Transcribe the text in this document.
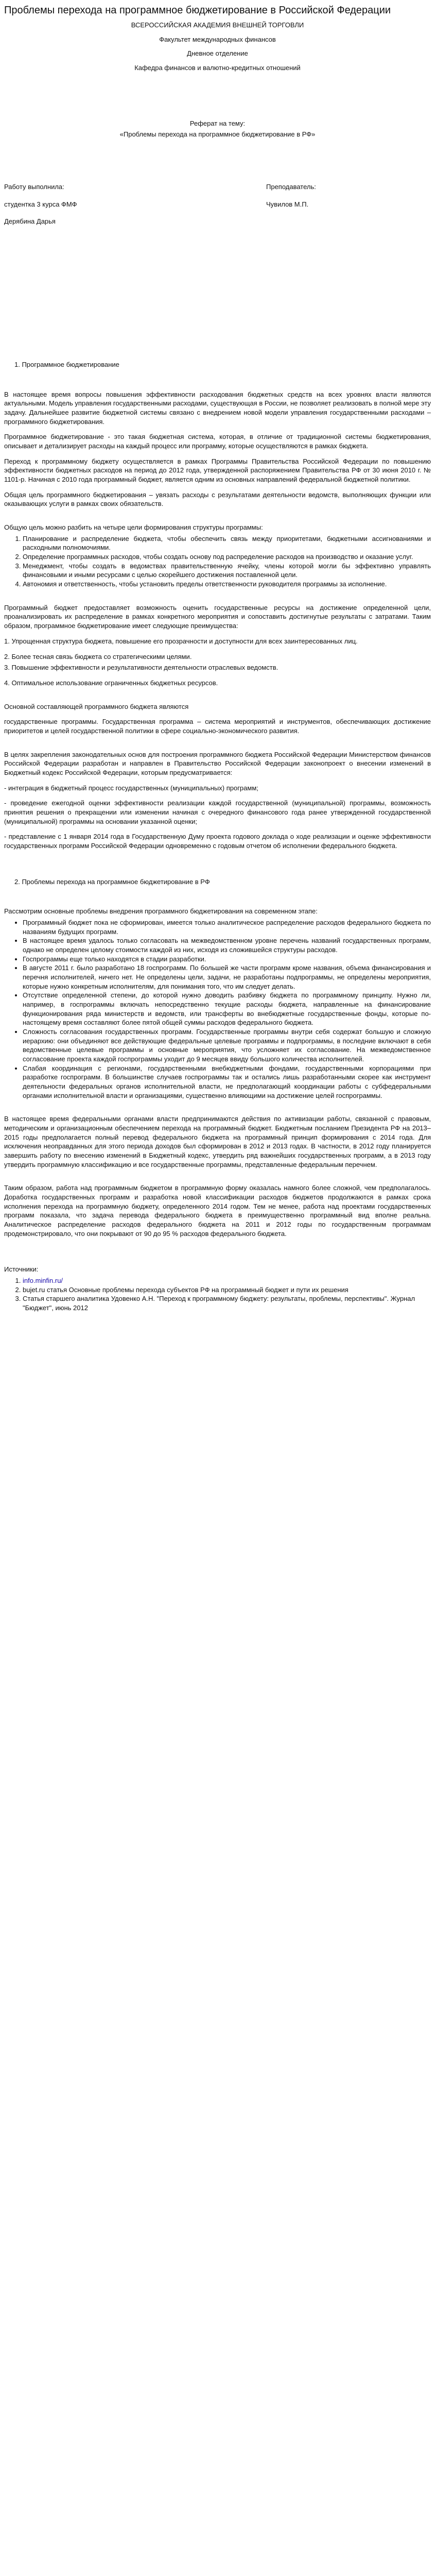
Проблемы перехода на программное бюджетирование в Российской Федерации

ВСЕРОССИЙСКАЯ АКАДЕМИЯ ВНЕШНЕЙ ТОРГОВЛИ

Факультет международных финансов

Дневное отделение

Кафедра финансов и валютно-кредитных отношений

Реферат на тему:

«Проблемы перехода на программное бюджетирование в РФ»

Работу выполнила:	Преподаватель:
студентка 3 курса ФМФ	Чувилов М.П.

Дерябина Дарья

1. Программное бюджетирование

В настоящее время вопросы повышения эффективности расходования бюджетных средств на всех уровнях власти являются актуальными. Модель управления государственными расходами, существующая в России, не позволяет реализовать в полной мере эту задачу. Дальнейшее развитие бюджетной системы связано с внедрением новой модели управления государственными расходами – программного бюджетирования.

Программное бюджетирование - это такая бюджетная система, которая, в отличие от традиционной системы бюджетирования, описывает и детализирует расходы на каждый процесс или программу, которые осуществляются в рамках бюджета.

Переход к программному бюджету осуществляется в рамках Программы Правительства Российской Федерации по повышению эффективности бюджетных расходов на период до 2012 года, утвержденной распоряжением Правительства РФ от 30 июня 2010 г. № 1101-р. Начиная с 2010 года программный бюджет, является одним из основных направлений федеральной бюджетной политики.

Общая цель программного бюджетирования – увязать расходы с результатами деятельности ведомств, выполняющих функции или оказывающих услуги в рамках своих обязательств.

Общую цель можно разбить на четыре цели формирования структуры программы:

1. Планирование и распределение бюджета, чтобы обеспечить связь между приоритетами, бюджетными ассигнованиями и расходными полномочиями.
2. Определение программных расходов, чтобы создать основу под распределение расходов на производство и оказание услуг.
3. Менеджмент, чтобы создать в ведомствах правительственную ячейку, члены которой могли бы эффективно управлять финансовыми и иными ресурсами с целью скорейшего достижения поставленной цели.
4. Автономия и ответственность, чтобы установить пределы ответственности руководителя программы за исполнение.

Программный бюджет предоставляет возможность оценить государственные ресурсы на достижение определенной цели, проанализировать их распределение в рамках конкретного мероприятия и сопоставить достигнутые результаты с затратами. Таким образом, программное бюджетирование имеет следующие преимущества:

1. Упрощенная структура бюджета, повышение его прозрачности и доступности для всех заинтересованных лиц.

2. Более тесная связь бюджета со стратегическими целями.

3. Повышение эффективности и результативности деятельности отраслевых ведомств.

4. Оптимальное использование ограниченных бюджетных ресурсов.

Основной составляющей программного бюджета являются

государственные программы. Государственная программа – система мероприятий и инструментов, обеспечивающих достижение приоритетов и целей государственной политики в сфере социально-экономического развития.

В целях закрепления законодательных основ для построения программного бюджета Российской Федерации Министерством финансов Российской Федерации разработан и направлен в Правительство Российской Федерации законопроект о внесении изменений в Бюджетный кодекс Российской Федерации, которым предусматривается:

- интеграция в бюджетный процесс государственных (муниципальных) программ;

- проведение ежегодной оценки эффективности реализации каждой государственной (муниципальной) программы, возможность принятия решения о прекращении или изменении начиная с очередного финансового года ранее утвержденной государственной (муниципальной) программы на основании указанной оценки;

- представление с 1 января 2014 года в Государственную Думу проекта годового доклада о ходе реализации и оценке эффективности государственных программ Российской Федерации одновременно с годовым отчетом об исполнении федерального бюджета.

2. Проблемы перехода на программное бюджетирование в РФ

Рассмотрим основные проблемы внедрения программного бюджетирования на современном этапе:

• Программный бюджет пока не сформирован, имеется только аналитическое распределение расходов федерального бюджета по названиям будущих программ.
• В настоящее время удалось только согласовать на межведомственном уровне перечень названий государственных программ, однако не определен целому стоимости каждой из них, исходя из сложившейся структуры расходов.
• Госпрограммы еще только находятся в стадии разработки.
• В августе 2011 г. было разработано 18 госпрограмм. По большей же части программ кроме названия, объема финансирования и перечня исполнителей, ничего нет. Не определены цели, задачи, не разработаны подпрограммы, не определены мероприятия, которые нужно конкретным исполнителям, для понимания того, что им следует делать.
• Отсутствие определенной степени, до которой нужно доводить разбивку бюджета по программному принципу. Нужно ли, например, в госпрограммы включать непосредственно текущие расходы бюджета, направленные на финансирование функционирования ряда министерств и ведомств, или трансферты во внебюджетные государственные фонды, которые по-настоящему время составляют более пятой общей суммы расходов федерального бюджета.
• Сложность согласования государственных программ. Государственные программы внутри себя содержат большую и сложную иерархию: они объединяют все действующие федеральные целевые программы и подпрограммы, в последние включают в себя ведомственные целевые программы и основные мероприятия, что усложняет их согласование. На межведомственное согласование проекта каждой госпрограммы уходит до 9 месяцев ввиду большого количества исполнителей.
• Слабая координация с регионами, государственными внебюджетными фондами, государственными корпорациями при разработке госпрограмм. В большинстве случаев госпрограммы так и остались лишь разработанными скорее как инструмент деятельности федеральных органов исполнительной власти, не предполагающий координации работы с субфедеральными органами исполнительной власти и организациями, существенно влияющими на достижение целей госпрограммы.

В настоящее время федеральными органами власти предпринимаются действия по активизации работы, связанной с правовым, методическим и организационным обеспечением перехода на программный бюджет. Бюджетным посланием Президента РФ на 2013–2015 годы предполагается полный перевод федерального бюджета на программный принцип формирования с 2014 года. Для исключения неоправданных для этого периода доходов был сформирован в 2012 и 2013 годах. В частности, в 2012 году планируется завершить работу по внесению изменений в Бюджетный кодекс, утвердить ряд важнейших государственных программ, а в 2013 году утвердить программную классификацию и все государственные программы, представленные федеральным перечнем.

Таким образом, работа над программным бюджетом в программную форму оказалась намного более сложной, чем предполагалось. Доработка государственных программ и разработка новой классификации расходов бюджетов продолжаются в рамках срока исполнения перехода на программную бюджету, определенного 2014 годом. Тем не менее, работа над проектами государственных программ показала, что задача перевода федерального бюджета в преимущественно программный вид вполне реальна. Аналитическое распределение расходов федерального бюджета на 2011 и 2012 годы по государственным программам продемонстрировало, что они покрывают от 90 до 95 % расходов федерального бюджета.

Источники:

1. info.minfin.ru/
2. bujet.ru статья Основные проблемы перехода субъектов РФ на программный бюджет и пути их решения
3. Статья старшего аналитика Удовенко А.Н. "Переход к программному бюджету: результаты, проблемы, перспективы". Журнал "Бюджет", июнь 2012
